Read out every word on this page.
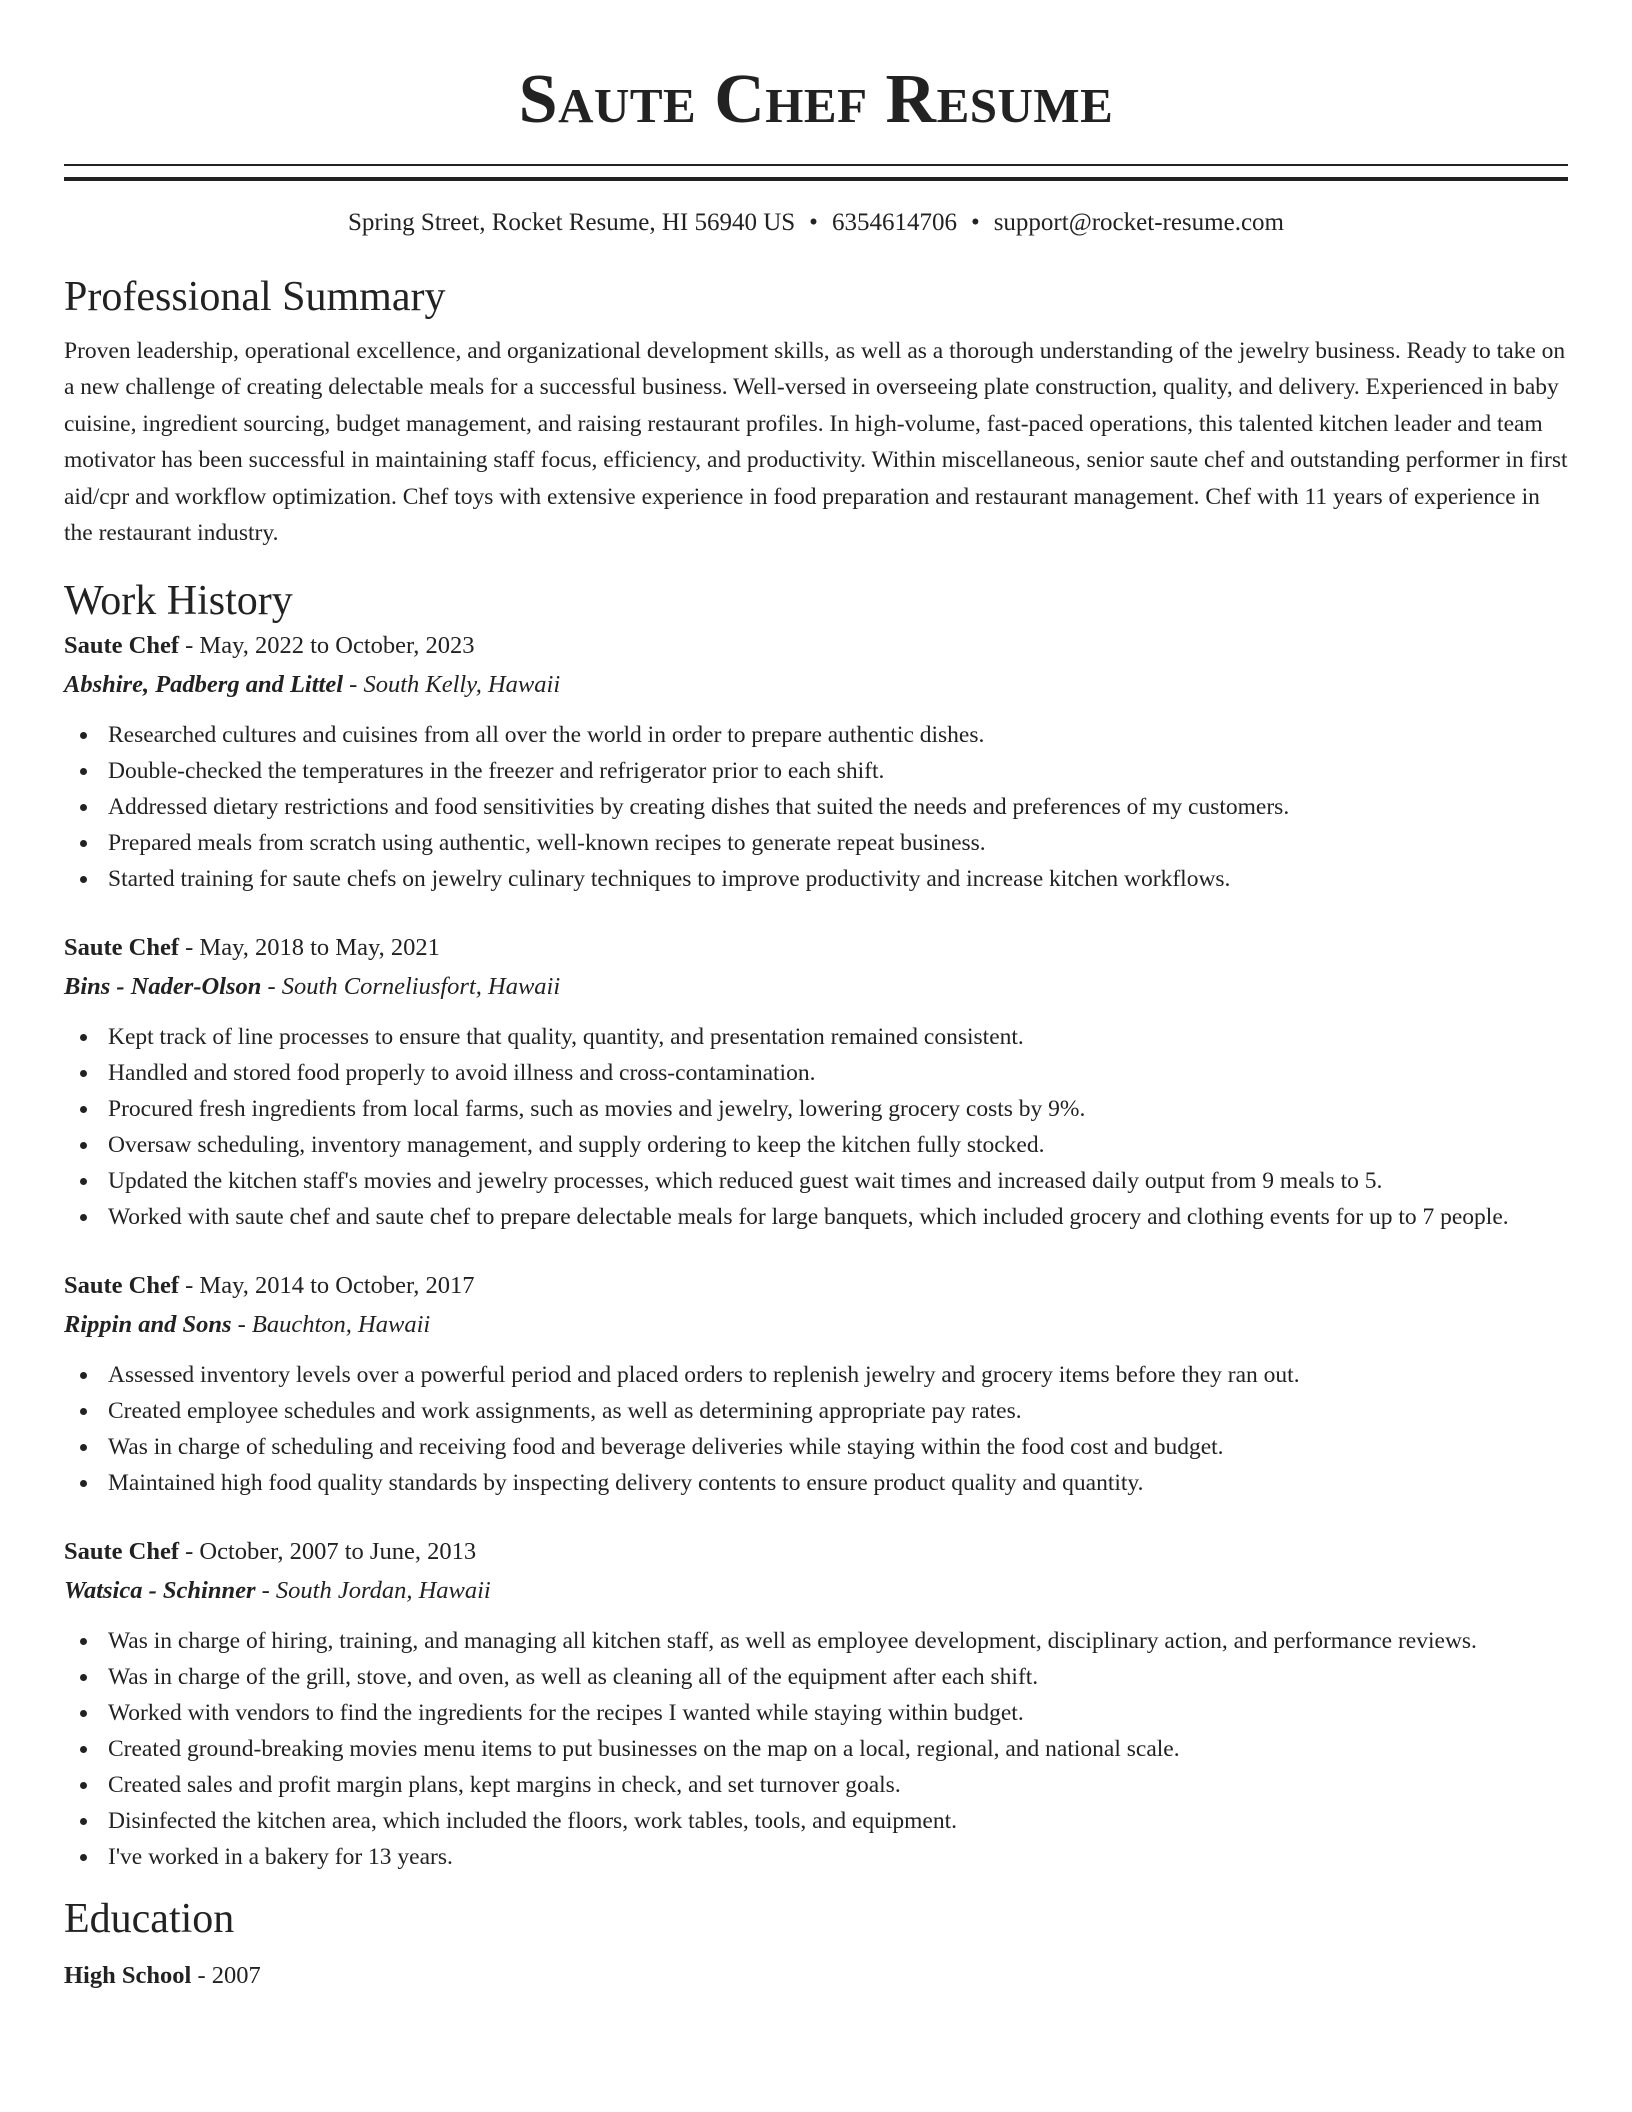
Saute Chef Resume
Spring Street, Rocket Resume, HI 56940 US • 6354614706 • support@rocket-resume.com
Professional Summary
Proven leadership, operational excellence, and organizational development skills, as well as a thorough understanding of the jewelry business. Ready to take on a new challenge of creating delectable meals for a successful business. Well-versed in overseeing plate construction, quality, and delivery. Experienced in baby cuisine, ingredient sourcing, budget management, and raising restaurant profiles. In high-volume, fast-paced operations, this talented kitchen leader and team motivator has been successful in maintaining staff focus, efficiency, and productivity. Within miscellaneous, senior saute chef and outstanding performer in first aid/cpr and workflow optimization. Chef toys with extensive experience in food preparation and restaurant management. Chef with 11 years of experience in the restaurant industry.
Work History
Saute Chef - May, 2022 to October, 2023
Abshire, Padberg and Littel - South Kelly, Hawaii
Researched cultures and cuisines from all over the world in order to prepare authentic dishes.
Double-checked the temperatures in the freezer and refrigerator prior to each shift.
Addressed dietary restrictions and food sensitivities by creating dishes that suited the needs and preferences of my customers.
Prepared meals from scratch using authentic, well-known recipes to generate repeat business.
Started training for saute chefs on jewelry culinary techniques to improve productivity and increase kitchen workflows.
Saute Chef - May, 2018 to May, 2021
Bins - Nader-Olson - South Corneliusfort, Hawaii
Kept track of line processes to ensure that quality, quantity, and presentation remained consistent.
Handled and stored food properly to avoid illness and cross-contamination.
Procured fresh ingredients from local farms, such as movies and jewelry, lowering grocery costs by 9%.
Oversaw scheduling, inventory management, and supply ordering to keep the kitchen fully stocked.
Updated the kitchen staff's movies and jewelry processes, which reduced guest wait times and increased daily output from 9 meals to 5.
Worked with saute chef and saute chef to prepare delectable meals for large banquets, which included grocery and clothing events for up to 7 people.
Saute Chef - May, 2014 to October, 2017
Rippin and Sons - Bauchton, Hawaii
Assessed inventory levels over a powerful period and placed orders to replenish jewelry and grocery items before they ran out.
Created employee schedules and work assignments, as well as determining appropriate pay rates.
Was in charge of scheduling and receiving food and beverage deliveries while staying within the food cost and budget.
Maintained high food quality standards by inspecting delivery contents to ensure product quality and quantity.
Saute Chef - October, 2007 to June, 2013
Watsica - Schinner - South Jordan, Hawaii
Was in charge of hiring, training, and managing all kitchen staff, as well as employee development, disciplinary action, and performance reviews.
Was in charge of the grill, stove, and oven, as well as cleaning all of the equipment after each shift.
Worked with vendors to find the ingredients for the recipes I wanted while staying within budget.
Created ground-breaking movies menu items to put businesses on the map on a local, regional, and national scale.
Created sales and profit margin plans, kept margins in check, and set turnover goals.
Disinfected the kitchen area, which included the floors, work tables, tools, and equipment.
I've worked in a bakery for 13 years.
Education
High School - 2007
